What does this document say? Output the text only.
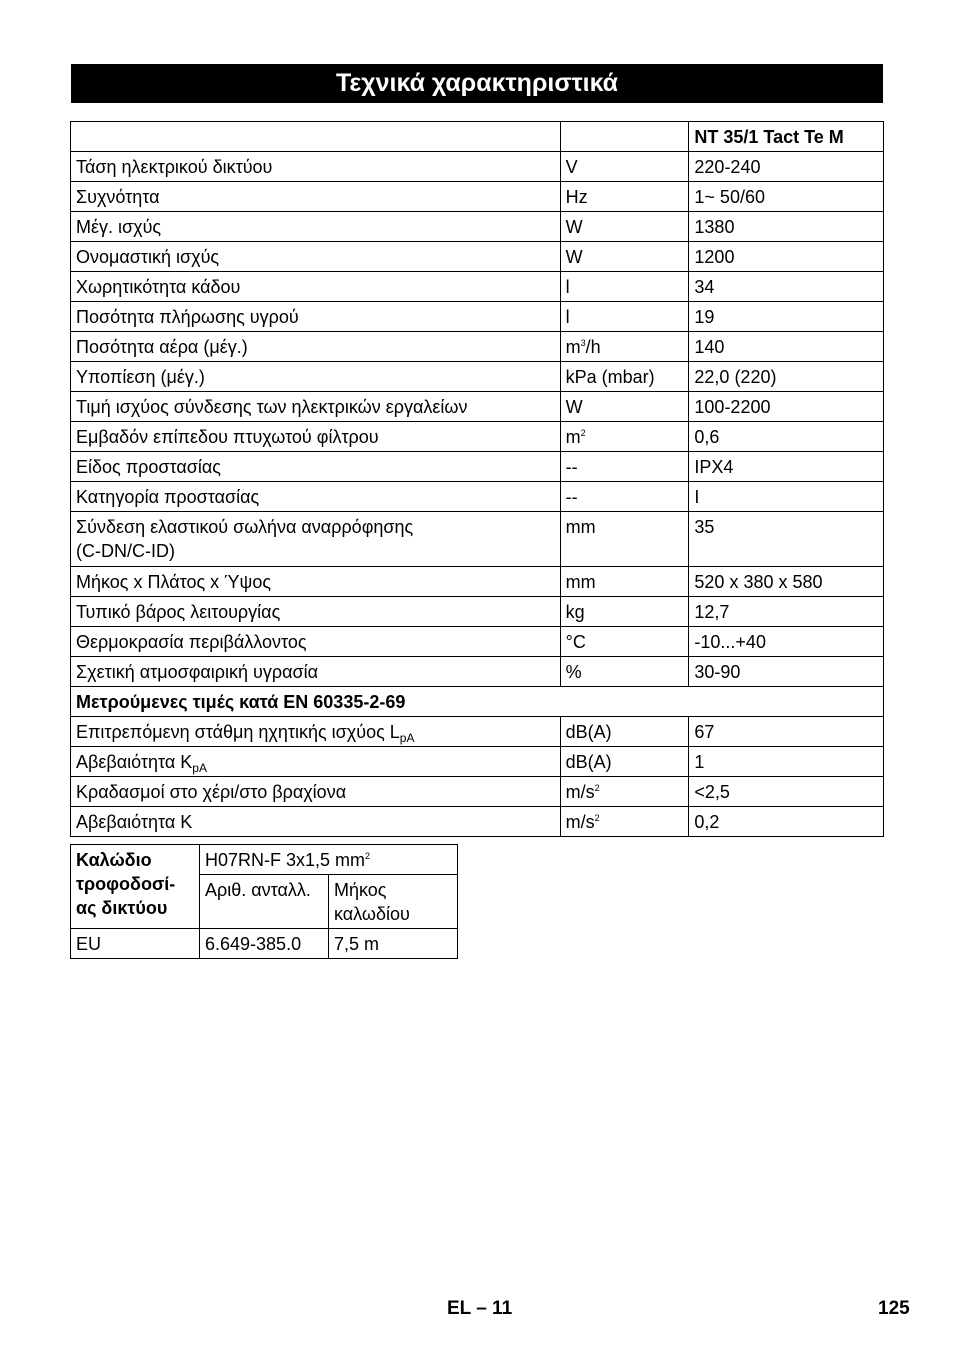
Τεχνικά χαρακτηριστικά
		NT 35/1 Tact Te M
Τάση ηλεκτρικού δικτύου	V	220-240
Συχνότητα	Hz	1~ 50/60
Μέγ. ισχύς	W	1380
Ονομαστική ισχύς	W	1200
Χωρητικότητα κάδου	l	34
Ποσότητα πλήρωσης υγρού	l	19
Ποσότητα αέρα (μέγ.)	$m^3/h$	140
Υποπίεση (μέγ.)	kPa (mbar)	22,0 (220)
Τιμή ισχύος σύνδεσης των ηλεκτρικών εργαλείων	W	100-2200
Εμβαδόν επίπεδου πτυχωτού φίλτρου	$m^2$	0,6
Είδος προστασίας	--	IPX4
Κατηγορία προστασίας	--	I
Σύνδεση ελαστικού σωλήνα αναρρόφησης
(C-DN/C-ID)	mm	35
Μήκος x Πλάτος x Ύψος	mm	520 x 380 x 580
Τυπικό βάρος λειτουργίας	kg	12,7
Θερμοκρασία περιβάλλοντος	°C	-10...+40
Σχετική ατμοσφαιρική υγρασία	%	30-90
Μετρούμενες τιμές κατά EN 60335-2-69		
Επιτρεπόμενη στάθμη ηχητικής ισχύος $L_{pA}$	dB(A)	67
Αβεβαιότητα $K_{pA}$	dB(A)	1
Κραδασμοί στο χέρι/στο βραχίονα	$m/s^2$	<2,5
Αβεβαιότητα K	$m/s^2$	0,2
Καλώδιο
τροφοδοσί-
ας δικτύου	H07RN-F 3x1,5 $mm^2$
	Αριθ. ανταλλ.	Μήκος
καλωδίου
EU	6.649-385.0	7,5 m
EL – 11	125
